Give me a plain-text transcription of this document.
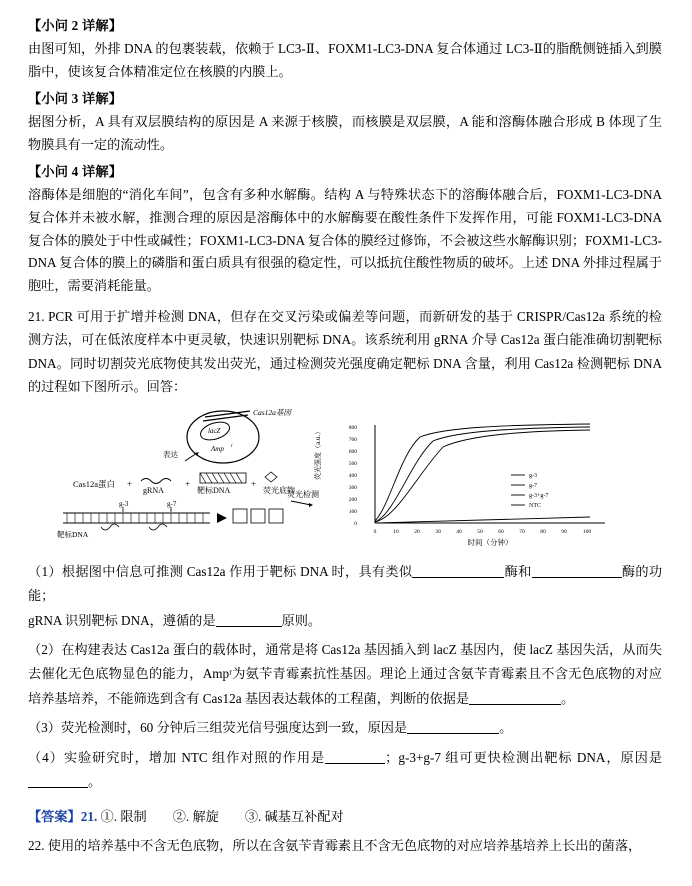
【小问 2 详解】

由图可知，外排 DNA 的包裹装载，依赖于 LC3-Ⅱ、FOXM1-LC3-DNA 复合体通过 LC3-Ⅱ的脂酰侧链插入到膜脂中，使该复合体精准定位在核膜的内膜上。

【小问 3 详解】

据图分析，A 具有双层膜结构的原因是 A 来源于核膜，而核膜是双层膜，A 能和溶酶体融合形成 B 体现了生物膜具有一定的流动性。

【小问 4 详解】

溶酶体是细胞的“消化车间”，包含有多种水解酶。结构 A 与特殊状态下的溶酶体融合后，FOXM1-LC3-DNA 复合体并未被水解，推测合理的原因是溶酶体中的水解酶要在酸性条件下发挥作用，可能 FOXM1-LC3-DNA 复合体的膜处于中性或碱性；FOXM1-LC3-DNA 复合体的膜经过修饰，不会被这些水解酶识别；FOXM1-LC3-DNA 复合体的膜上的磷脂和蛋白质具有很强的稳定性，可以抵抗住酸性物质的破坏。上述 DNA 外排过程属于胞吐，需要消耗能量。

21. PCR 可用于扩增并检测 DNA，但存在交叉污染或偏差等问题，而新研发的基于 CRISPR/Cas12a 系统的检测方法，可在低浓度样本中更灵敏，快速识别靶标 DNA。该系统利用 gRNA 介导 Cas12a 蛋白能准确切割靶标 DNA。同时切割荧光底物使其发出荧光，通过检测荧光强度确定靶标 DNA 含量，利用 Cas12a 检测靶标 DNA 的过程如下图所示。回答：

lacZ
Amp r
Cas12a基因
表达
Cas12a蛋白 +
gRNA
+
靶标DNA
+
荧光底物
靶标DNA
g-3	g-7
荧光检测
荧光强度（a.u.）	800
700
600
500
400
300
200
100
0
0	10	20	30	40	50	60	70	80	90	100
时间（分钟）
g-3
g-7
g-3+g-7
NTC

（1）根据图中信息可推测 Cas12a 作用于靶标 DNA 时，具有类似	酶和	酶的功能；
gRNA 识别靶标 DNA，遵循的是	原则。

（2）在构建表达 Cas12a 蛋白的载体时，通常是将 Cas12a 基因插入到 lacZ 基因内，使 lacZ 基因失活，从而失去催化无色底物显色的能力，Ampʳ为氨苄青霉素抗性基因。理论上通过含氨苄青霉素且不含无色底物的对应培养基培养，不能筛选到含有 Cas12a 基因表达载体的工程菌，判断的依据是	。

（3）荧光检测时，60 分钟后三组荧光信号强度达到一致，原因是	。

（4）实验研究时，增加 NTC 组作对照的作用是	；g-3+g-7 组可更快检测出靶标 DNA，原因是。

【答案】21. ①. 限制 ②. 解旋 ③. 碱基互补配对

22. 使用的培养基中不含无色底物，所以在含氨苄青霉素且不含无色底物的对应培养基培养上长出的菌落，
